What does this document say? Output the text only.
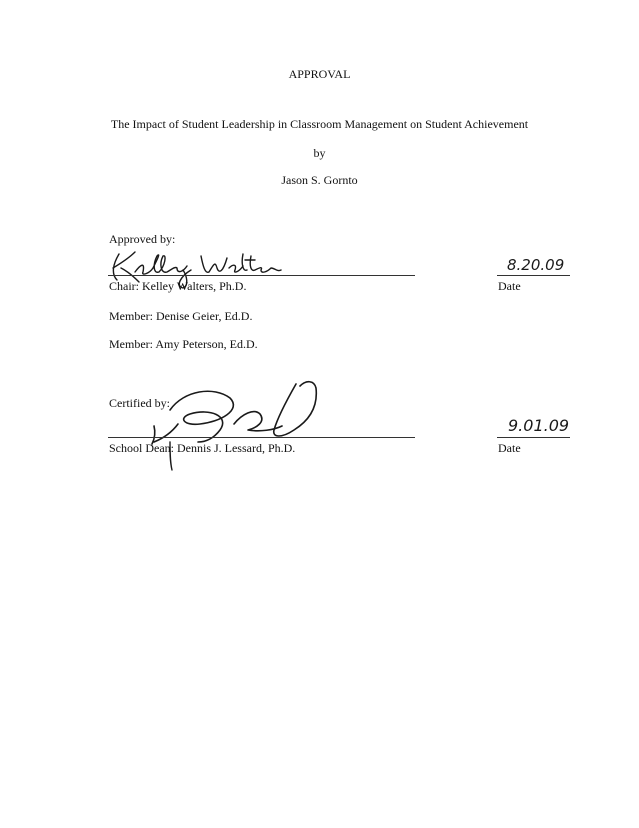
APPROVAL
The Impact of Student Leadership in Classroom Management on Student Achievement
by
Jason S. Gornto
Approved by:
8.20.09
Chair: Kelley Walters, Ph.D.	Date
Member: Denise Geier, Ed.D.
Member: Amy Peterson, Ed.D.
Certified by:
9.01.09
School Dean: Dennis J. Lessard, Ph.D.	Date
